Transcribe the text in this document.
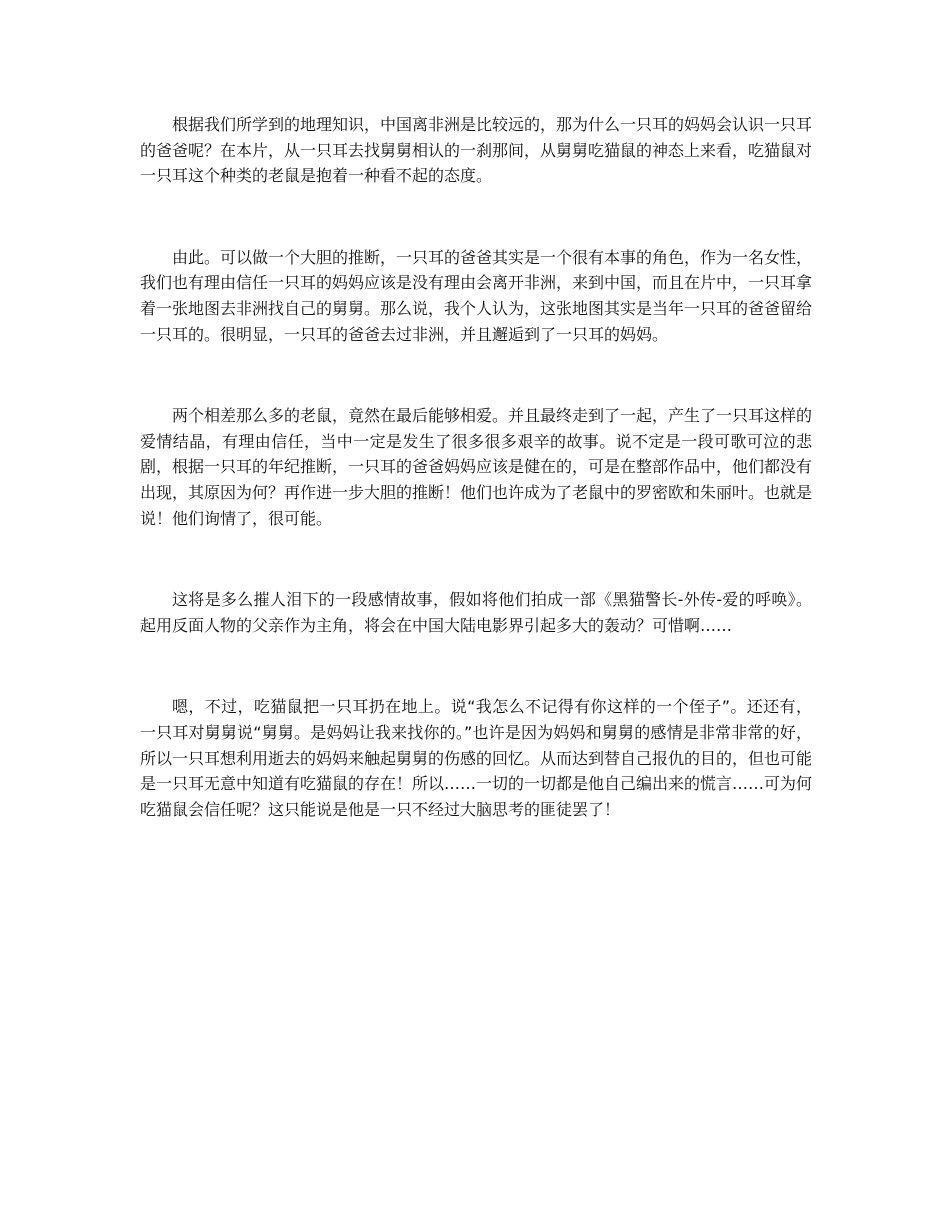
根据我们所学到的地理知识，中国离非洲是比较远的，那为什么一只耳的妈妈会认识一只耳的爸爸呢？在本片，从一只耳去找舅舅相认的一刹那间，从舅舅吃猫鼠的神态上来看，吃猫鼠对一只耳这个种类的老鼠是抱着一种看不起的态度。

由此。可以做一个大胆的推断，一只耳的爸爸其实是一个很有本事的角色，作为一名女性，我们也有理由信任一只耳的妈妈应该是没有理由会离开非洲，来到中国，而且在片中，一只耳拿着一张地图去非洲找自己的舅舅。那么说，我个人认为，这张地图其实是当年一只耳的爸爸留给一只耳的。很明显，一只耳的爸爸去过非洲，并且邂逅到了一只耳的妈妈。

两个相差那么多的老鼠，竟然在最后能够相爱。并且最终走到了一起，产生了一只耳这样的爱情结晶，有理由信任，当中一定是发生了很多很多艰辛的故事。说不定是一段可歌可泣的悲剧，根据一只耳的年纪推断，一只耳的爸爸妈妈应该是健在的，可是在整部作品中，他们都没有出现，其原因为何？再作进一步大胆的推断！他们也许成为了老鼠中的罗密欧和朱丽叶。也就是说！他们询情了，很可能。

这将是多么摧人泪下的一段感情故事，假如将他们拍成一部《黑猫警长-外传-爱的呼唤》。起用反面人物的父亲作为主角，将会在中国大陆电影界引起多大的轰动？可惜啊……

嗯，不过，吃猫鼠把一只耳扔在地上。说“我怎么不记得有你这样的一个侄子”。还还有，一只耳对舅舅说“舅舅。是妈妈让我来找你的。”也许是因为妈妈和舅舅的感情是非常非常的好，所以一只耳想利用逝去的妈妈来触起舅舅的伤感的回忆。从而达到替自己报仇的目的，但也可能是一只耳无意中知道有吃猫鼠的存在！所以……一切的一切都是他自己编出来的慌言……可为何吃猫鼠会信任呢？这只能说是他是一只不经过大脑思考的匪徒罢了！
